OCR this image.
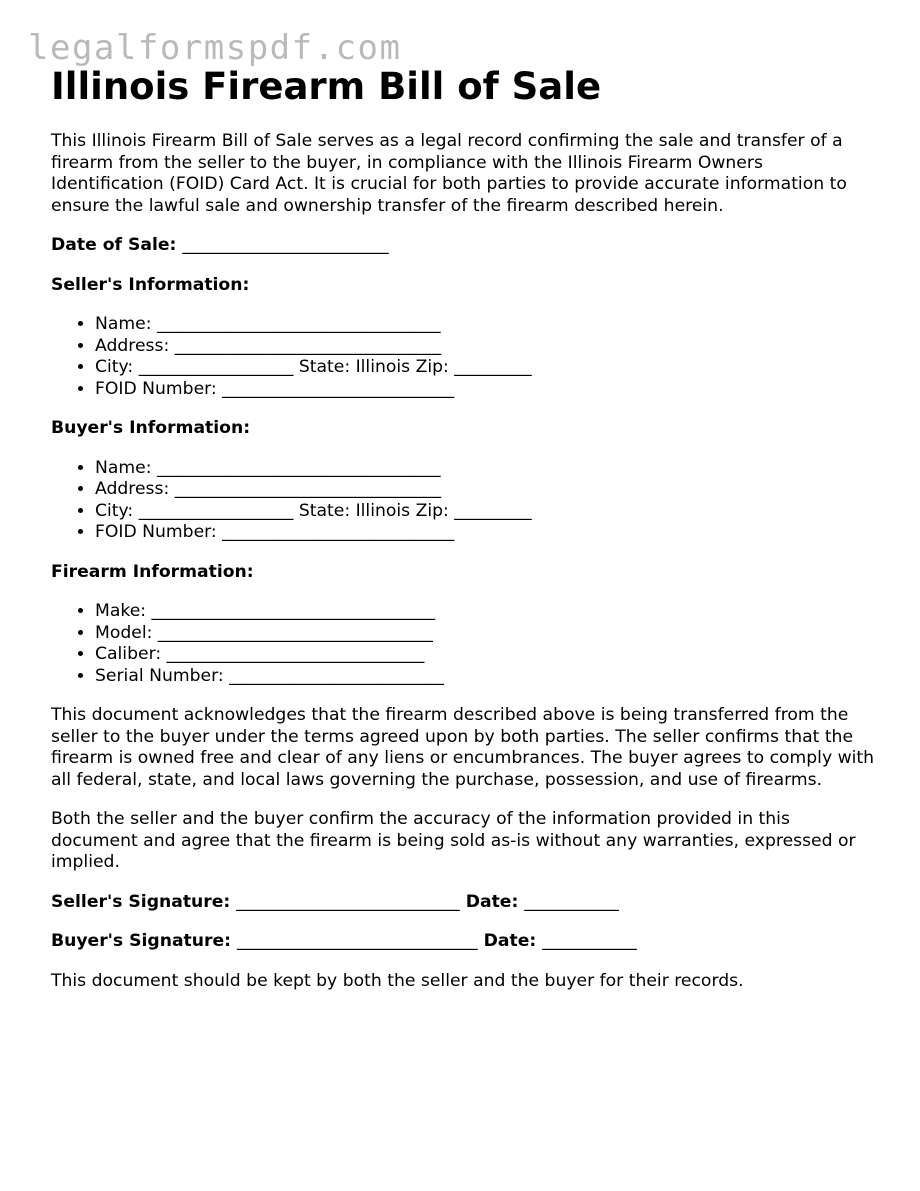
legalformspdf.com
Illinois Firearm Bill of Sale

This Illinois Firearm Bill of Sale serves as a legal record confirming the sale and transfer of a firearm from the seller to the buyer, in compliance with the Illinois Firearm Owners Identification (FOID) Card Act. It is crucial for both parties to provide accurate information to ensure the lawful sale and ownership transfer of the firearm described herein.

Date of Sale: ________________________
Seller's Information:
• Name: _________________________________
• Address: _______________________________
• City: __________________ State: Illinois Zip: _________
• FOID Number: ___________________________
Buyer's Information:
• Name: _________________________________
• Address: _______________________________
• City: __________________ State: Illinois Zip: _________
• FOID Number: ___________________________
Firearm Information:
• Make: _________________________________
• Model: ________________________________
• Caliber: ______________________________
• Serial Number: _________________________

This document acknowledges that the firearm described above is being transferred from the seller to the buyer under the terms agreed upon by both parties. The seller confirms that the firearm is owned free and clear of any liens or encumbrances. The buyer agrees to comply with all federal, state, and local laws governing the purchase, possession, and use of firearms.

Both the seller and the buyer confirm the accuracy of the information provided in this document and agree that the firearm is being sold as-is without any warranties, expressed or implied.

Seller's Signature: __________________________ Date: ___________
Buyer's Signature: ____________________________ Date: ___________

This document should be kept by both the seller and the buyer for their records.
